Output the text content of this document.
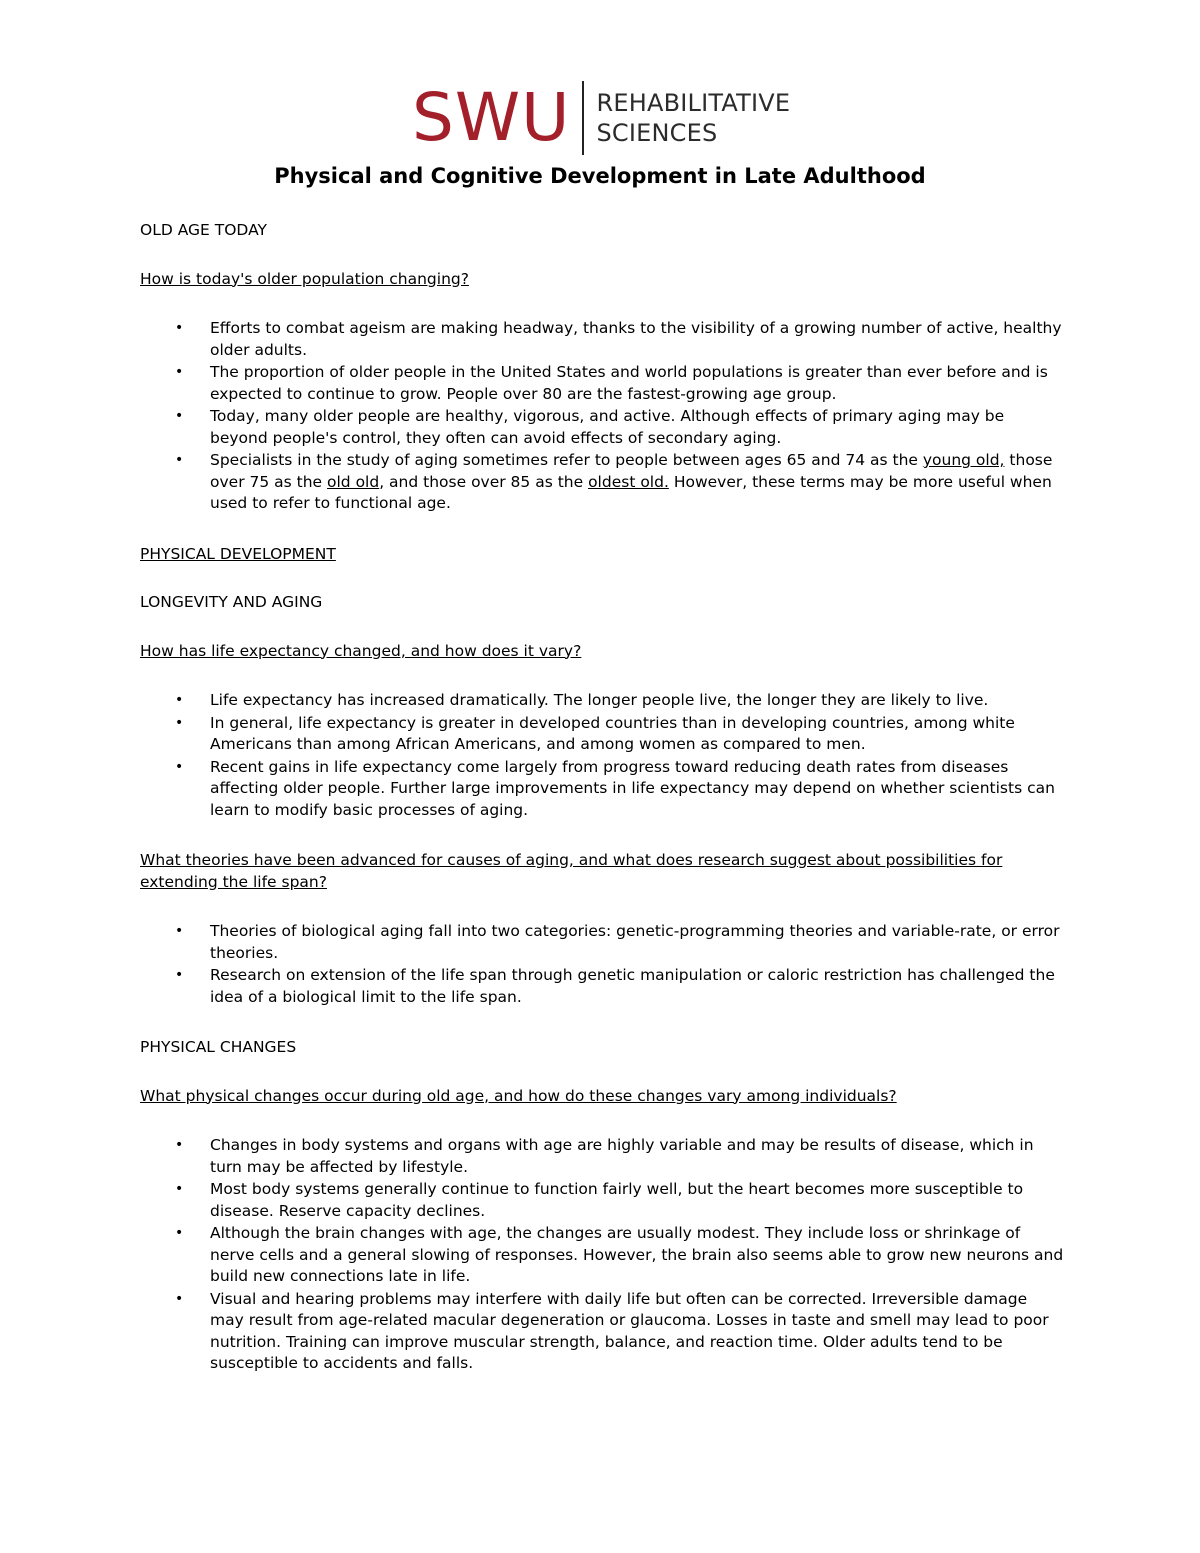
SWU REHABILITATIVE
SCIENCES
Physical and Cognitive Development in Late Adulthood

OLD AGE TODAY

How is today's older population changing?

• Efforts to combat ageism are making headway, thanks to the visibility of a growing number of active, healthy older adults.
• The proportion of older people in the United States and world populations is greater than ever before and is expected to continue to grow. People over 80 are the fastest-growing age group.
• Today, many older people are healthy, vigorous, and active. Although effects of primary aging may be beyond people's control, they often can avoid effects of secondary aging.
• Specialists in the study of aging sometimes refer to people between ages 65 and 74 as the young old, those over 75 as the old old, and those over 85 as the oldest old. However, these terms may be more useful when used to refer to functional age.

PHYSICAL DEVELOPMENT

LONGEVITY AND AGING

How has life expectancy changed, and how does it vary?

• Life expectancy has increased dramatically. The longer people live, the longer they are likely to live.
• In general, life expectancy is greater in developed countries than in developing countries, among white Americans than among African Americans, and among women as compared to men.
• Recent gains in life expectancy come largely from progress toward reducing death rates from diseases affecting older people. Further large improvements in life expectancy may depend on whether scientists can learn to modify basic processes of aging.

What theories have been advanced for causes of aging, and what does research suggest about possibilities for extending the life span?

• Theories of biological aging fall into two categories: genetic-programming theories and variable-rate, or error theories.
• Research on extension of the life span through genetic manipulation or caloric restriction has challenged the idea of a biological limit to the life span.

PHYSICAL CHANGES

What physical changes occur during old age, and how do these changes vary among individuals?

• Changes in body systems and organs with age are highly variable and may be results of disease, which in turn may be affected by lifestyle.
• Most body systems generally continue to function fairly well, but the heart becomes more susceptible to disease. Reserve capacity declines.
• Although the brain changes with age, the changes are usually modest. They include loss or shrinkage of nerve cells and a general slowing of responses. However, the brain also seems able to grow new neurons and build new connections late in life.
• Visual and hearing problems may interfere with daily life but often can be corrected. Irreversible damage may result from age-related macular degeneration or glaucoma. Losses in taste and smell may lead to poor nutrition. Training can improve muscular strength, balance, and reaction time. Older adults tend to be susceptible to accidents and falls.
